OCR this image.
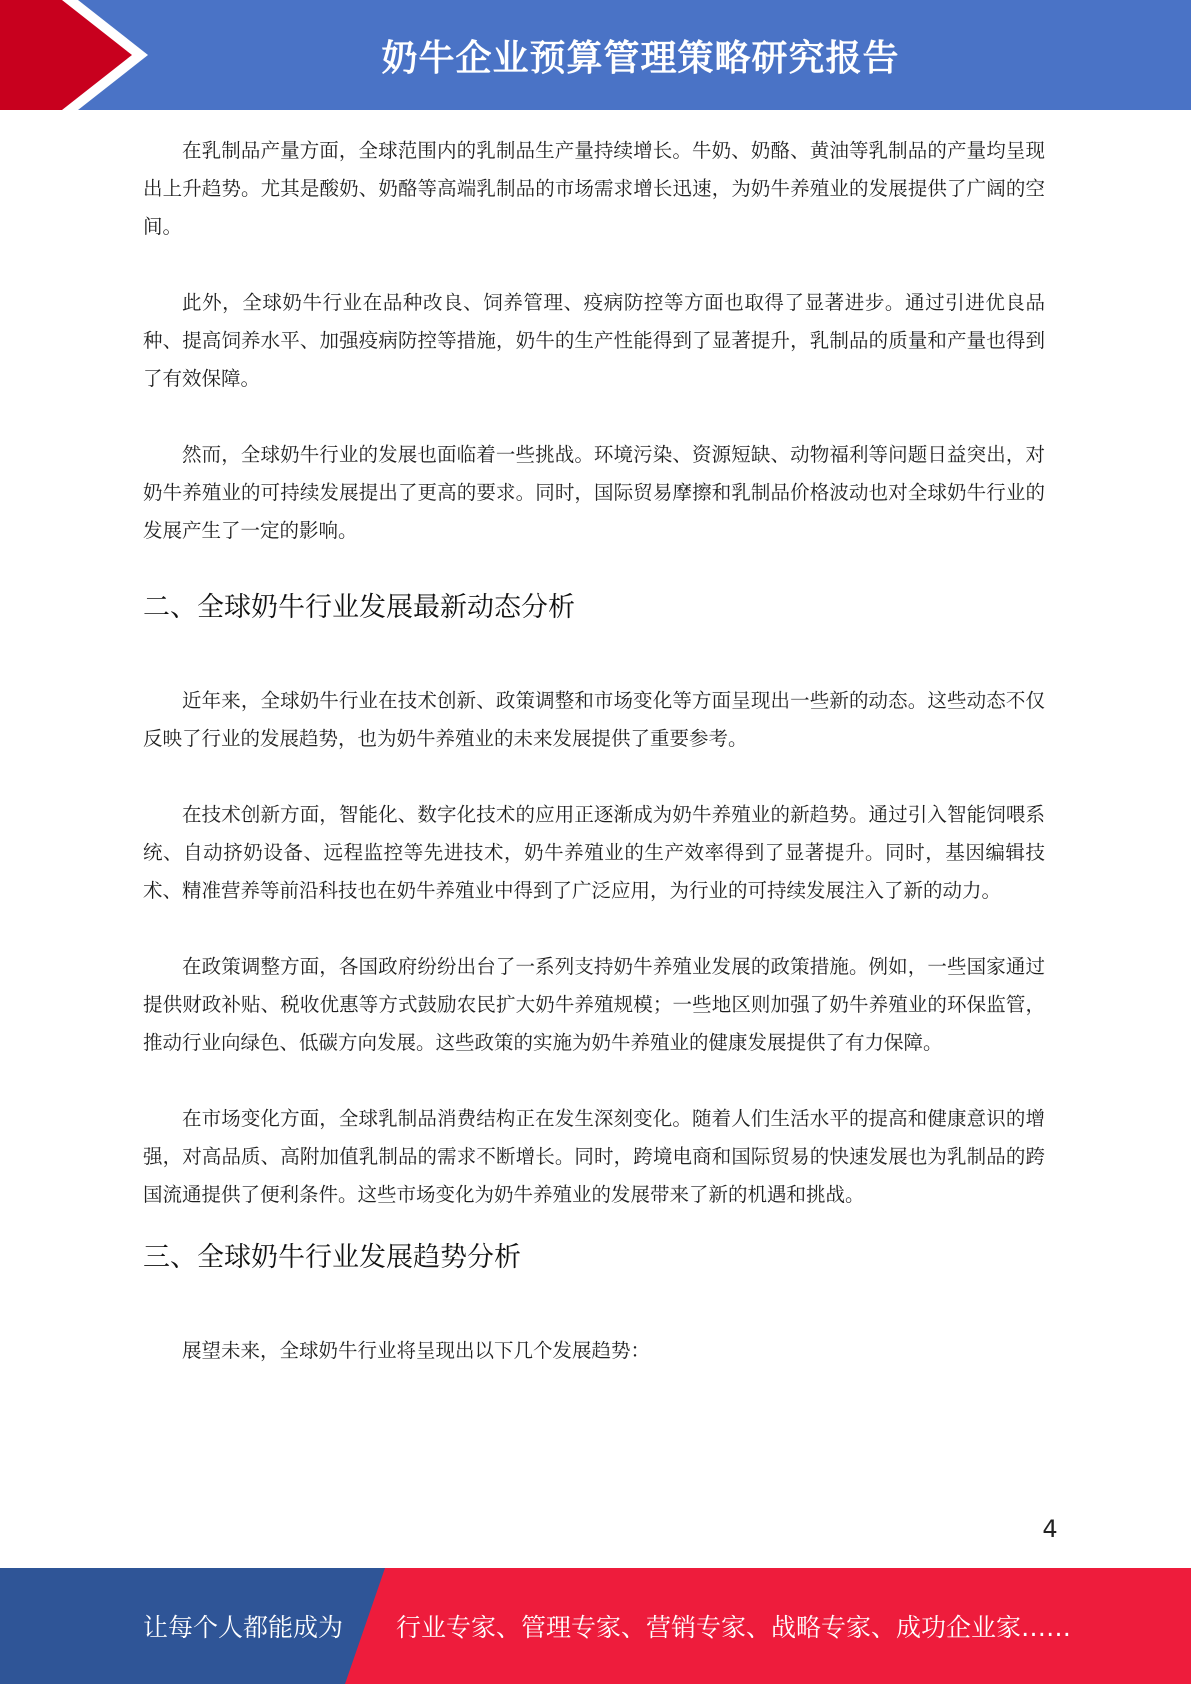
奶牛企业预算管理策略研究报告

在乳制品产量方面，全球范围内的乳制品生产量持续增长。牛奶、奶酪、黄油等乳制品的产量均呈现出上升趋势。尤其是酸奶、奶酪等高端乳制品的市场需求增长迅速，为奶牛养殖业的发展提供了广阔的空间。

此外，全球奶牛行业在品种改良、饲养管理、疫病防控等方面也取得了显著进步。通过引进优良品种、提高饲养水平、加强疫病防控等措施，奶牛的生产性能得到了显著提升，乳制品的质量和产量也得到了有效保障。

然而，全球奶牛行业的发展也面临着一些挑战。环境污染、资源短缺、动物福利等问题日益突出，对奶牛养殖业的可持续发展提出了更高的要求。同时，国际贸易摩擦和乳制品价格波动也对全球奶牛行业的发展产生了一定的影响。

二、全球奶牛行业发展最新动态分析

近年来，全球奶牛行业在技术创新、政策调整和市场变化等方面呈现出一些新的动态。这些动态不仅反映了行业的发展趋势，也为奶牛养殖业的未来发展提供了重要参考。

在技术创新方面，智能化、数字化技术的应用正逐渐成为奶牛养殖业的新趋势。通过引入智能饲喂系统、自动挤奶设备、远程监控等先进技术，奶牛养殖业的生产效率得到了显著提升。同时，基因编辑技术、精准营养等前沿科技也在奶牛养殖业中得到了广泛应用，为行业的可持续发展注入了新的动力。

在政策调整方面，各国政府纷纷出台了一系列支持奶牛养殖业发展的政策措施。例如，一些国家通过提供财政补贴、税收优惠等方式鼓励农民扩大奶牛养殖规模；一些地区则加强了奶牛养殖业的环保监管，推动行业向绿色、低碳方向发展。这些政策的实施为奶牛养殖业的健康发展提供了有力保障。

在市场变化方面，全球乳制品消费结构正在发生深刻变化。随着人们生活水平的提高和健康意识的增强，对高品质、高附加值乳制品的需求不断增长。同时，跨境电商和国际贸易的快速发展也为乳制品的跨国流通提供了便利条件。这些市场变化为奶牛养殖业的发展带来了新的机遇和挑战。

三、全球奶牛行业发展趋势分析

展望未来，全球奶牛行业将呈现出以下几个发展趋势：

4
让每个人都能成为 行业专家、管理专家、营销专家、战略专家、成功企业家……
